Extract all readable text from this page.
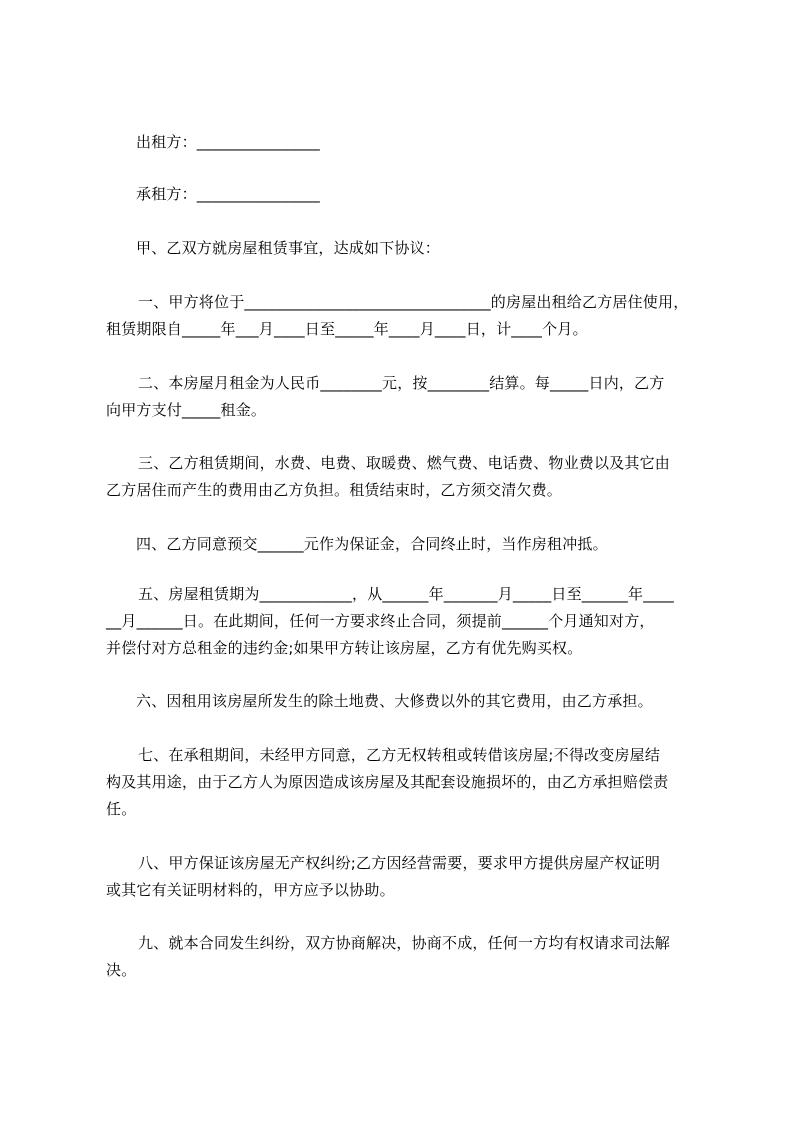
出租方：________________
承租方：________________
甲、乙双方就房屋租赁事宜，达成如下协议：
一、甲方将位于________________________________的房屋出租给乙方居住使用，
租赁期限自_____年___月____日至_____年____月____日，计____个月。
二、本房屋月租金为人民币________元，按________结算。每_____日内，乙方
向甲方支付_____租金。
三、乙方租赁期间，水费、电费、取暖费、燃气费、电话费、物业费以及其它由
乙方居住而产生的费用由乙方负担。租赁结束时，乙方须交清欠费。
四、乙方同意预交______元作为保证金，合同终止时，当作房租冲抵。
五、房屋租赁期为____________，从______年_______月_____日至______年____
__月______日。在此期间，任何一方要求终止合同，须提前______个月通知对方，
并偿付对方总租金的违约金;如果甲方转让该房屋，乙方有优先购买权。
六、因租用该房屋所发生的除土地费、大修费以外的其它费用，由乙方承担。
七、在承租期间，未经甲方同意，乙方无权转租或转借该房屋;不得改变房屋结
构及其用途，由于乙方人为原因造成该房屋及其配套设施损坏的，由乙方承担赔偿责
任。
八、甲方保证该房屋无产权纠纷;乙方因经营需要，要求甲方提供房屋产权证明
或其它有关证明材料的，甲方应予以协助。
九、就本合同发生纠纷，双方协商解决，协商不成，任何一方均有权请求司法解
决。
